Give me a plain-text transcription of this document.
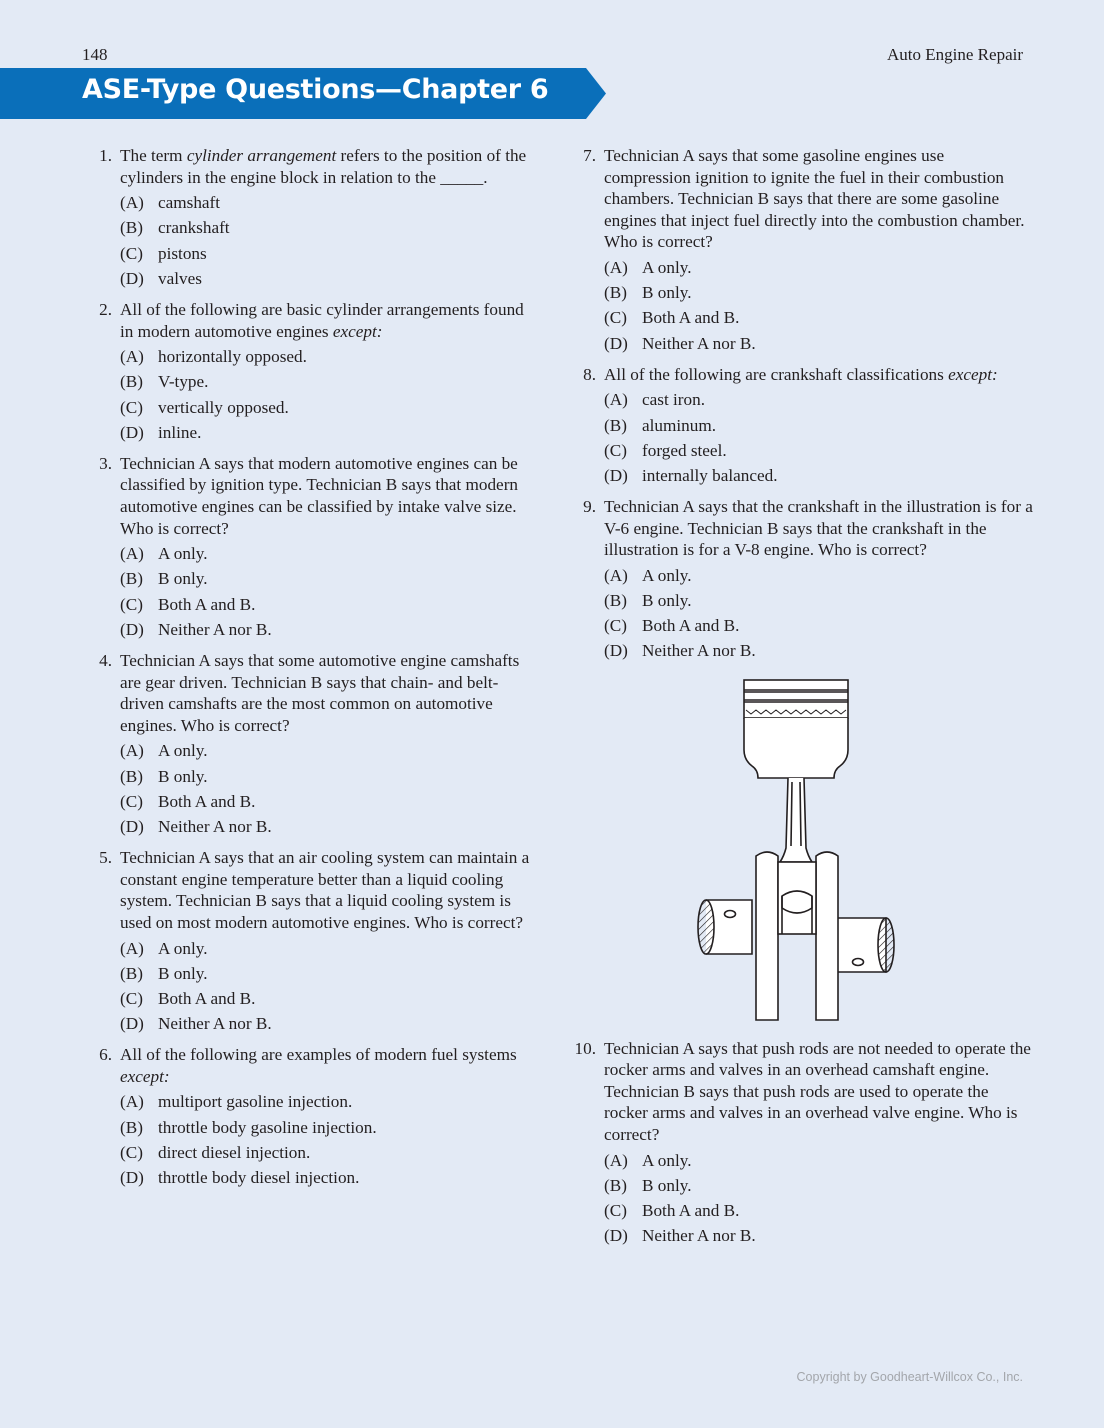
148	Auto Engine Repair
ASE-Type Questions—Chapter 6
1. The term cylinder arrangement refers to the position of the cylinders in the engine block in relation to the _____.
(A) camshaft
(B) crankshaft
(C) pistons
(D) valves
2. All of the following are basic cylinder arrangements found in modern automotive engines except:
(A) horizontally opposed.
(B) V-type.
(C) vertically opposed.
(D) inline.
3. Technician A says that modern automotive engines can be classified by ignition type. Technician B says that modern automotive engines can be classified by intake valve size. Who is correct?
(A) A only.
(B) B only.
(C) Both A and B.
(D) Neither A nor B.
4. Technician A says that some automotive engine camshafts are gear driven. Technician B says that chain- and belt-driven camshafts are the most common on automotive engines. Who is correct?
(A) A only.
(B) B only.
(C) Both A and B.
(D) Neither A nor B.
5. Technician A says that an air cooling system can maintain a constant engine temperature better than a liquid cooling system. Technician B says that a liquid cooling system is used on most modern automotive engines. Who is correct?
(A) A only.
(B) B only.
(C) Both A and B.
(D) Neither A nor B.
6. All of the following are examples of modern fuel systems except:
(A) multiport gasoline injection.
(B) throttle body gasoline injection.
(C) direct diesel injection.
(D) throttle body diesel injection.
7. Technician A says that some gasoline engines use compression ignition to ignite the fuel in their combustion chambers. Technician B says that there are some gasoline engines that inject fuel directly into the combustion chamber. Who is correct?
(A) A only.
(B) B only.
(C) Both A and B.
(D) Neither A nor B.
8. All of the following are crankshaft classifications except:
(A) cast iron.
(B) aluminum.
(C) forged steel.
(D) internally balanced.
9. Technician A says that the crankshaft in the illustration is for a V-6 engine. Technician B says that the crankshaft in the illustration is for a V-8 engine. Who is correct?
(A) A only.
(B) B only.
(C) Both A and B.
(D) Neither A nor B.
10. Technician A says that push rods are not needed to operate the rocker arms and valves in an overhead camshaft engine. Technician B says that push rods are used to operate the rocker arms and valves in an overhead valve engine. Who is correct?
(A) A only.
(B) B only.
(C) Both A and B.
(D) Neither A nor B.
Copyright by Goodheart-Willcox Co., Inc.
